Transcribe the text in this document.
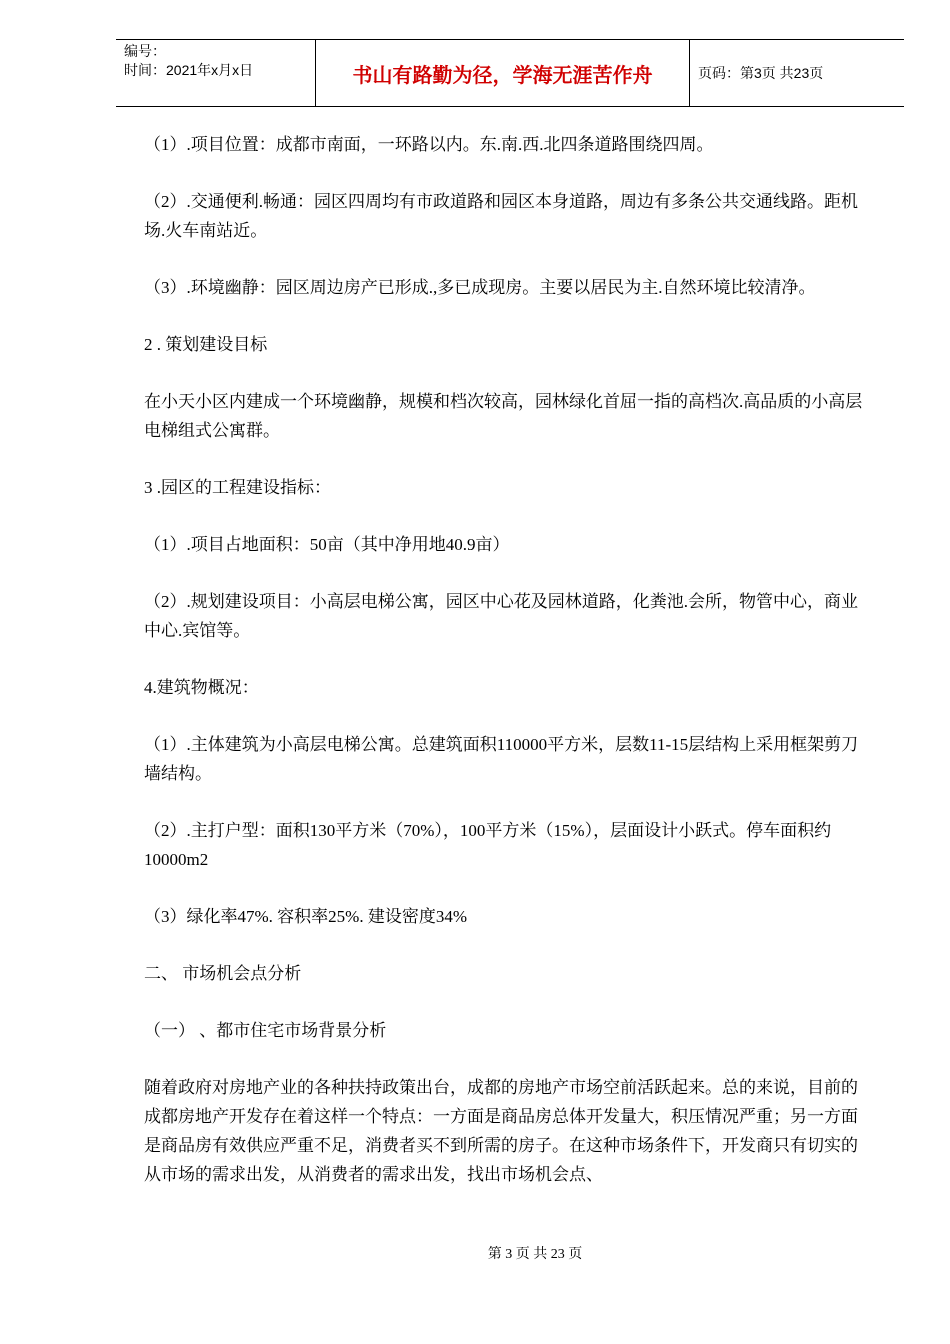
编号：
时间：2021年x月x日	书山有路勤为径，学海无涯苦作舟	页码：第3页 共23页

（1）.项目位置：成都市南面，一环路以内。东.南.西.北四条道路围绕四周。

（2）.交通便利.畅通：园区四周均有市政道路和园区本身道路，周边有多条公共交通线路。距机场.火车南站近。

（3）.环境幽静：园区周边房产已形成.,多已成现房。主要以居民为主.自然环境比较清净。

2 . 策划建设目标

在小天小区内建成一个环境幽静，规模和档次较高，园林绿化首屈一指的高档次.高品质的小高层电梯组式公寓群。

3 .园区的工程建设指标：

（1）.项目占地面积：50亩（其中净用地40.9亩）

（2）.规划建设项目：小高层电梯公寓，园区中心花及园林道路，化粪池.会所，物管中心，商业中心.宾馆等。

4.建筑物概况：

（1）.主体建筑为小高层电梯公寓。总建筑面积110000平方米，层数11-15层结构上采用框架剪刀墙结构。

（2）.主打户型：面积130平方米（70%），100平方米（15%），层面设计小跃式。停车面积约10000m2

（3）绿化率47%. 容积率25%. 建设密度34%

二、 市场机会点分析

（一） 、都市住宅市场背景分析

随着政府对房地产业的各种扶持政策出台，成都的房地产市场空前活跃起来。总的来说，目前的成都房地产开发存在着这样一个特点：一方面是商品房总体开发量大，积压情况严重；另一方面是商品房有效供应严重不足，消费者买不到所需的房子。在这种市场条件下，开发商只有切实的从市场的需求出发，从消费者的需求出发，找出市场机会点、

第 3 页 共 23 页
